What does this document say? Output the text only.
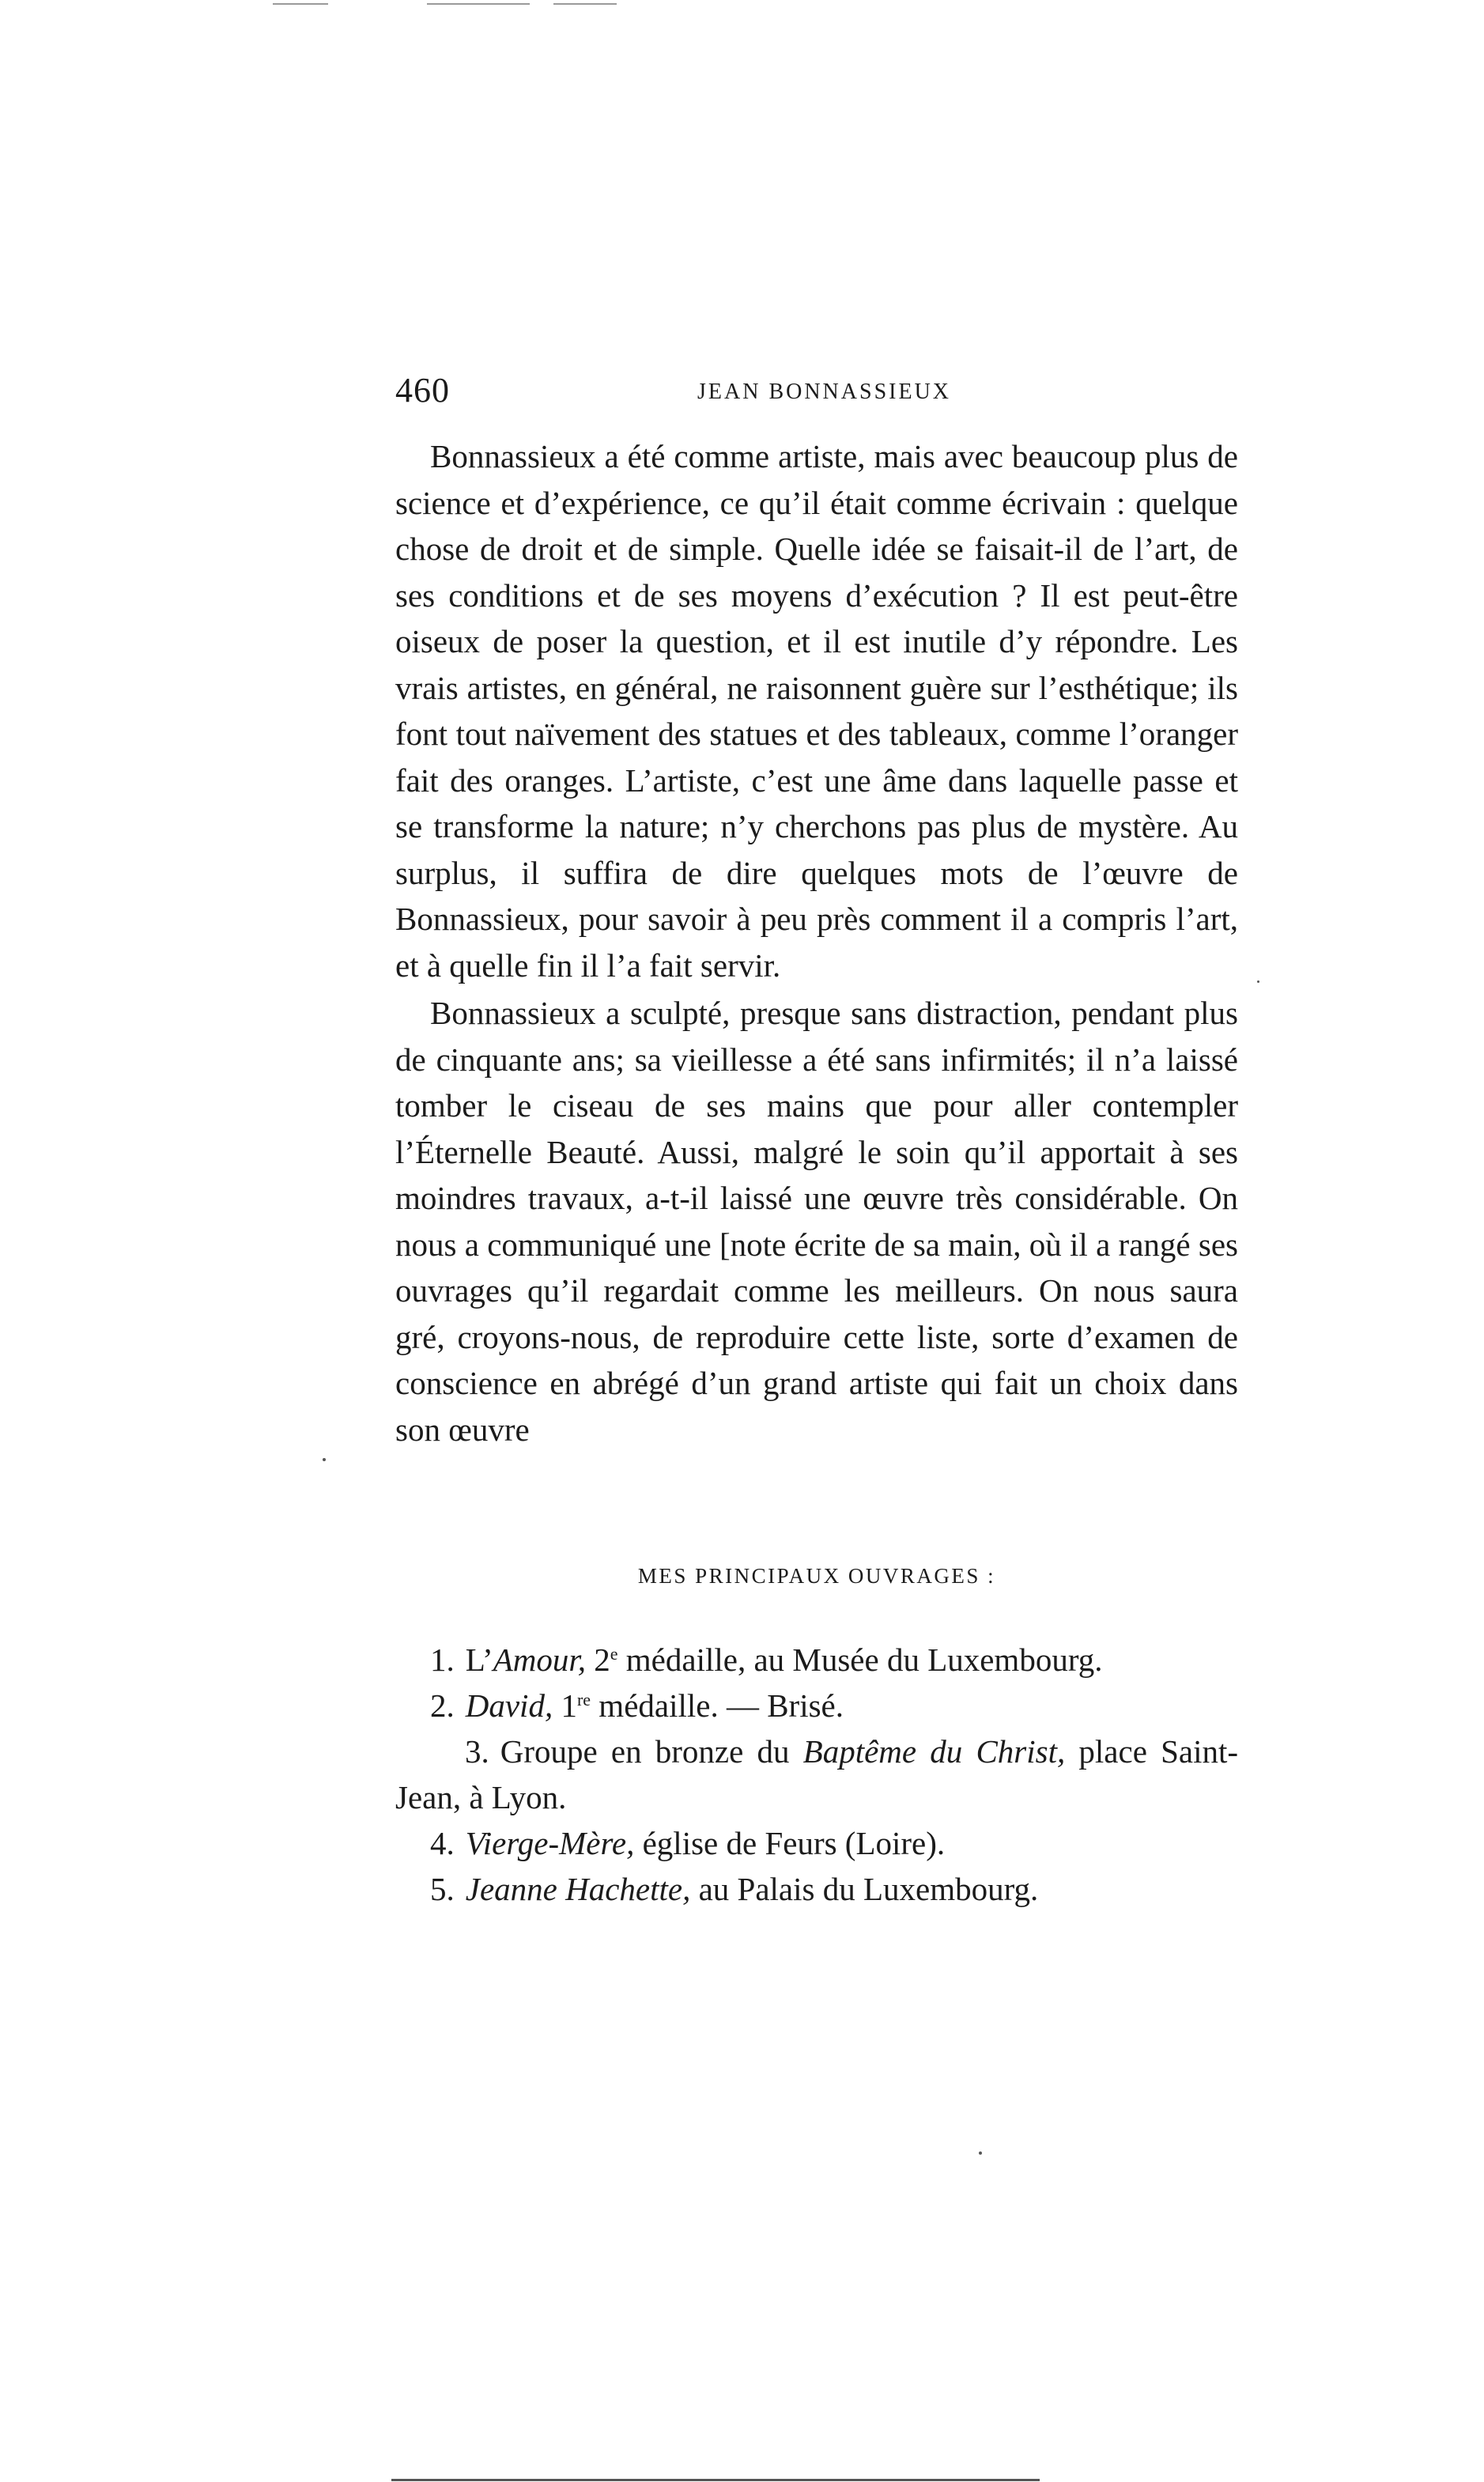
460	JEAN BONNASSIEUX

Bonnassieux a été comme artiste, mais avec beaucoup plus de science et d’expérience, ce qu’il était comme écrivain : quelque chose de droit et de simple. Quelle idée se faisait-il de l’art, de ses conditions et de ses moyens d’exécution ? Il est peut-être oiseux de poser la question, et il est inutile d’y répondre. Les vrais artistes, en général, ne raisonnent guère sur l’esthétique; ils font tout naïvement des statues et des tableaux, comme l’oranger fait des oranges. L’artiste, c’est une âme dans laquelle passe et se transforme la nature; n’y cherchons pas plus de mystère. Au surplus, il suffira de dire quelques mots de l’œuvre de Bonnassieux, pour savoir à peu près comment il a compris l’art, et à quelle fin il l’a fait servir.

Bonnassieux a sculpté, presque sans distraction, pendant plus de cinquante ans; sa vieillesse a été sans infirmités; il n’a laissé tomber le ciseau de ses mains que pour aller contempler l’Éternelle Beauté. Aussi, malgré le soin qu’il apportait à ses moindres travaux, a-t-il laissé une œuvre très considérable. On nous a communiqué une [note écrite de sa main, où il a rangé ses ouvrages qu’il regardait comme les meilleurs. On nous saura gré, croyons-nous, de reproduire cette liste, sorte d’examen de conscience en abrégé d’un grand artiste qui fait un choix dans son œuvre

MES PRINCIPAUX OUVRAGES :
1. L’Amour, 2e médaille, au Musée du Luxembourg.
2. David, 1re médaille. — Brisé.
3. Groupe en bronze du Baptême du Christ, place Saint-Jean, à Lyon.
4. Vierge-Mère, église de Feurs (Loire).
5. Jeanne Hachette, au Palais du Luxembourg.
